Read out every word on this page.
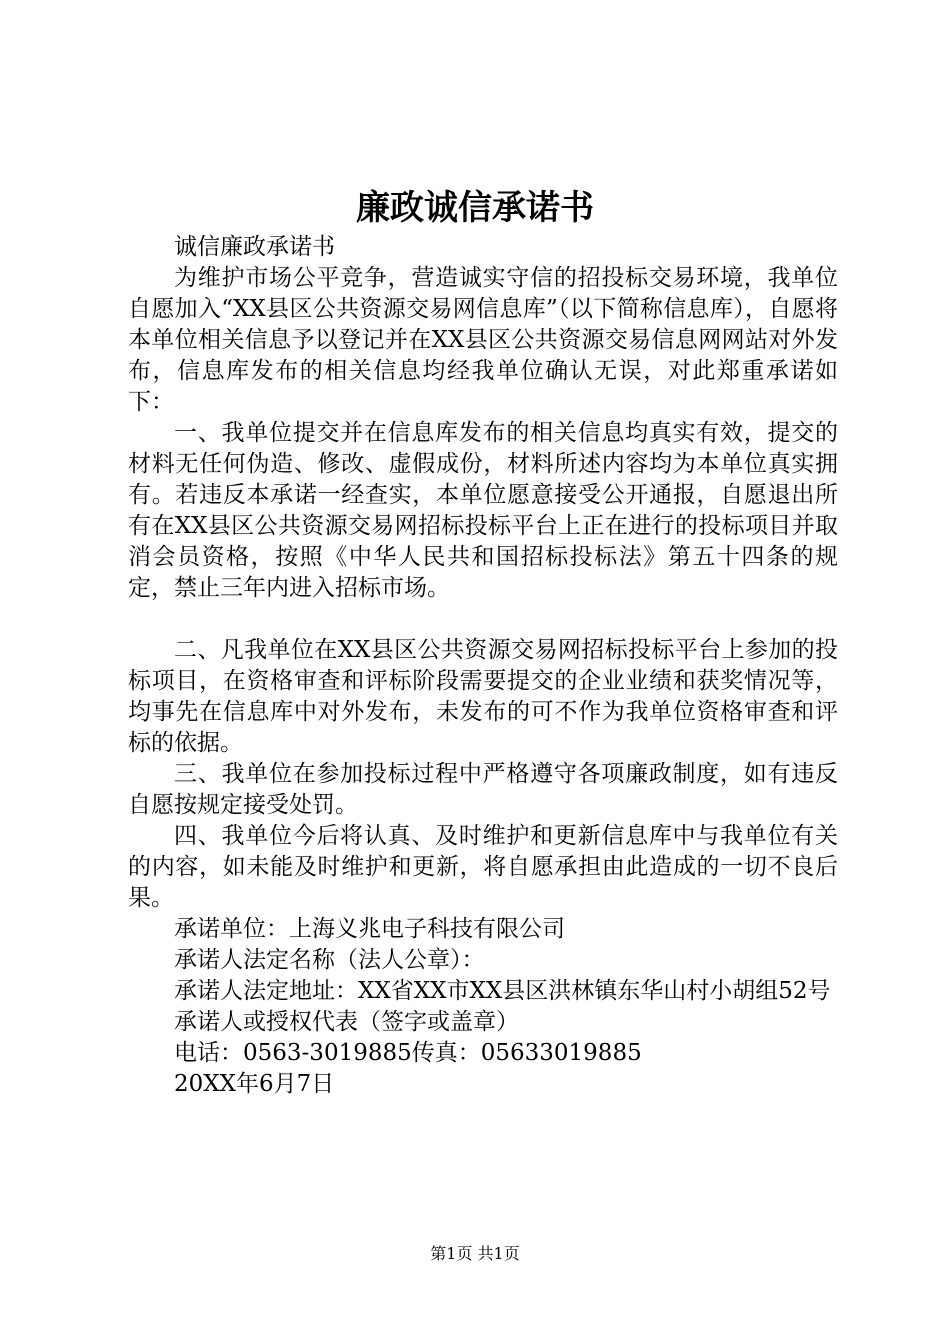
廉政诚信承诺书

诚信廉政承诺书

为维护市场公平竞争，营造诚实守信的招投标交易环境，我单位自愿加入“XX县区公共资源交易网信息库”（以下简称信息库），自愿将本单位相关信息予以登记并在XX县区公共资源交易信息网网站对外发布，信息库发布的相关信息均经我单位确认无误，对此郑重承诺如下：

一、我单位提交并在信息库发布的相关信息均真实有效，提交的材料无任何伪造、修改、虚假成份，材料所述内容均为本单位真实拥有。若违反本承诺一经查实，本单位愿意接受公开通报，自愿退出所有在XX县区公共资源交易网招标投标平台上正在进行的投标项目并取消会员资格，按照《中华人民共和国招标投标法》第五十四条的规定，禁止三年内进入招标市场。

二、凡我单位在XX县区公共资源交易网招标投标平台上参加的投标项目，在资格审查和评标阶段需要提交的企业业绩和获奖情况等，均事先在信息库中对外发布，未发布的可不作为我单位资格审查和评标的依据。

三、我单位在参加投标过程中严格遵守各项廉政制度，如有违反自愿按规定接受处罚。

四、我单位今后将认真、及时维护和更新信息库中与我单位有关的内容，如未能及时维护和更新，将自愿承担由此造成的一切不良后果。

承诺单位：上海义兆电子科技有限公司

承诺人法定名称（法人公章）：

承诺人法定地址：XX省XX市XX县区洪林镇东华山村小胡组52号

承诺人或授权代表（签字或盖章）

电话：0563-3019885传真：05633019885

20XX年6月7日

第1页 共1页
